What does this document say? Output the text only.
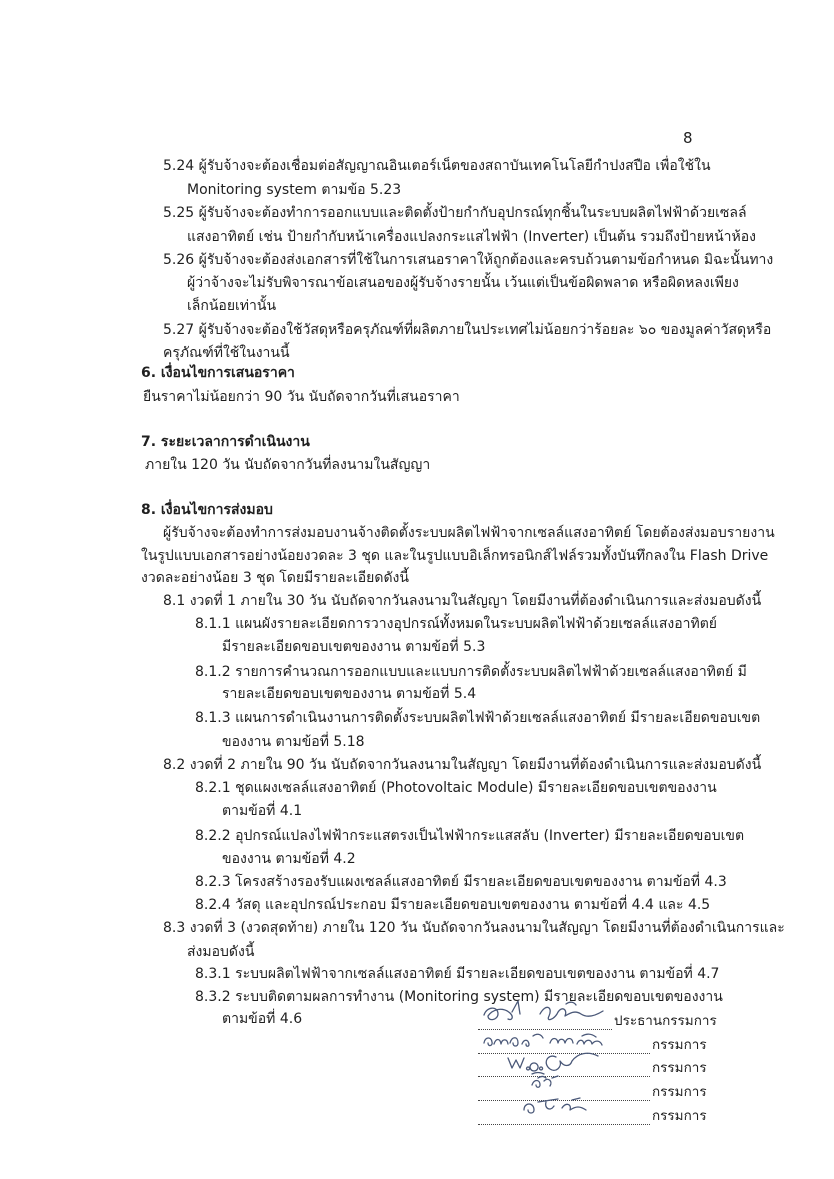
8
5.24 ผู้รับจ้างจะต้องเชื่อมต่อสัญญาณอินเตอร์เน็ตของสถาบันเทคโนโลยีกำปงสปือ เพื่อใช้ใน
Monitoring system ตามข้อ 5.23
5.25 ผู้รับจ้างจะต้องทำการออกแบบและติดตั้งป้ายกำกับอุปกรณ์ทุกชิ้นในระบบผลิตไฟฟ้าด้วยเซลล์
แสงอาทิตย์ เช่น ป้ายกำกับหน้าเครื่องแปลงกระแสไฟฟ้า (Inverter) เป็นต้น รวมถึงป้ายหน้าห้อง
5.26 ผู้รับจ้างจะต้องส่งเอกสารที่ใช้ในการเสนอราคาให้ถูกต้องและครบถ้วนตามข้อกำหนด มิฉะนั้นทาง
ผู้ว่าจ้างจะไม่รับพิจารณาข้อเสนอของผู้รับจ้างรายนั้น เว้นแต่เป็นข้อผิดพลาด หรือผิดหลงเพียง
เล็กน้อยเท่านั้น
5.27 ผู้รับจ้างจะต้องใช้วัสดุหรือครุภัณฑ์ที่ผลิตภายในประเทศไม่น้อยกว่าร้อยละ ๖๐ ของมูลค่าวัสดุหรือ
ครุภัณฑ์ที่ใช้ในงานนี้
6. เงื่อนไขการเสนอราคา
ยืนราคาไม่น้อยกว่า 90 วัน นับถัดจากวันที่เสนอราคา
7. ระยะเวลาการดำเนินงาน
ภายใน 120 วัน นับถัดจากวันที่ลงนามในสัญญา
8. เงื่อนไขการส่งมอบ
ผู้รับจ้างจะต้องทำการส่งมอบงานจ้างติดตั้งระบบผลิตไฟฟ้าจากเซลล์แสงอาทิตย์ โดยต้องส่งมอบรายงาน
ในรูปแบบเอกสารอย่างน้อยงวดละ 3 ชุด และในรูปแบบอิเล็กทรอนิกส์ไฟล์รวมทั้งบันทึกลงใน Flash Drive
งวดละอย่างน้อย 3 ชุด โดยมีรายละเอียดดังนี้
8.1 งวดที่ 1 ภายใน 30 วัน นับถัดจากวันลงนามในสัญญา โดยมีงานที่ต้องดำเนินการและส่งมอบดังนี้
8.1.1 แผนผังรายละเอียดการวางอุปกรณ์ทั้งหมดในระบบผลิตไฟฟ้าด้วยเซลล์แสงอาทิตย์
มีรายละเอียดขอบเขตของงาน ตามข้อที่ 5.3
8.1.2 รายการคำนวณการออกแบบและแบบการติดตั้งระบบผลิตไฟฟ้าด้วยเซลล์แสงอาทิตย์ มี
รายละเอียดขอบเขตของงาน ตามข้อที่ 5.4
8.1.3 แผนการดำเนินงานการติดตั้งระบบผลิตไฟฟ้าด้วยเซลล์แสงอาทิตย์ มีรายละเอียดขอบเขต
ของงาน ตามข้อที่ 5.18
8.2 งวดที่ 2 ภายใน 90 วัน นับถัดจากวันลงนามในสัญญา โดยมีงานที่ต้องดำเนินการและส่งมอบดังนี้
8.2.1 ชุดแผงเซลล์แสงอาทิตย์ (Photovoltaic Module) มีรายละเอียดขอบเขตของงาน
ตามข้อที่ 4.1
8.2.2 อุปกรณ์แปลงไฟฟ้ากระแสตรงเป็นไฟฟ้ากระแสสลับ (Inverter) มีรายละเอียดขอบเขต
ของงาน ตามข้อที่ 4.2
8.2.3 โครงสร้างรองรับแผงเซลล์แสงอาทิตย์ มีรายละเอียดขอบเขตของงาน ตามข้อที่ 4.3
8.2.4 วัสดุ และอุปกรณ์ประกอบ มีรายละเอียดขอบเขตของงาน ตามข้อที่ 4.4 และ 4.5
8.3 งวดที่ 3 (งวดสุดท้าย) ภายใน 120 วัน นับถัดจากวันลงนามในสัญญา โดยมีงานที่ต้องดำเนินการและ
ส่งมอบดังนี้
8.3.1 ระบบผลิตไฟฟ้าจากเซลล์แสงอาทิตย์ มีรายละเอียดขอบเขตของงาน ตามข้อที่ 4.7
8.3.2 ระบบติดตามผลการทำงาน (Monitoring system) มีรายละเอียดขอบเขตของงาน
ตามข้อที่ 4.6	ประธานกรรมการ
กรรมการ
กรรมการ
กรรมการ
กรรมการ
